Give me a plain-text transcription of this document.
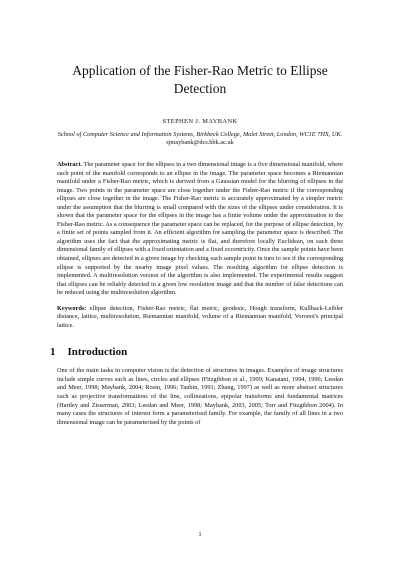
Application of the Fisher-Rao Metric to Ellipse Detection
STEPHEN J. MAYBANK
School of Computer Science and Information Systems, Birkbeck College, Malet Street, London, WC1E 7HX, UK.
sjmaybank@dcs.bbk.ac.uk

Abstract. The parameter space for the ellipses in a two dimensional image is a five dimensional manifold, where each point of the manifold corresponds to an ellipse in the image. The parameter space becomes a Riemannian manifold under a Fisher-Rao metric, which is derived from a Gaussian model for the blurring of ellipses in the image. Two points in the parameter space are close together under the Fisher-Rao metric if the corresponding ellipses are close together in the image. The Fisher-Rao metric is accurately approximated by a simpler metric under the assumption that the blurring is small compared with the sizes of the ellipses under consideration. It is shown that the parameter space for the ellipses in the image has a finite volume under the approximation to the Fisher-Rao metric. As a consequence the parameter space can be replaced, for the purpose of ellipse detection, by a finite set of points sampled from it. An efficient algorithm for sampling the parameter space is described. The algorithm uses the fact that the approximating metric is flat, and therefore locally Euclidean, on each three dimensional family of ellipses with a fixed orientation and a fixed eccentricity. Once the sample points have been obtained, ellipses are detected in a given image by checking each sample point in turn to see if the corresponding ellipse is supported by the nearby image pixel values. The resulting algorithm for ellipse detection is implemented. A multiresolution version of the algorithm is also implemented. The experimental results suggest that ellipses can be reliably detected in a given low resolution image and that the number of false detections can be reduced using the multiresolution algorithm.

Keywords: ellipse detection, Fisher-Rao metric, flat metric, geodesic, Hough transform, Kullback-Leibler distance, lattice, multiresolution, Riemannian manifold, volume of a Riemannian manifold, Voronoi's principal lattice.

1 Introduction

One of the main tasks in computer vision is the detection of structures in images. Examples of image structures include simple curves such as lines, circles and ellipses (Fitzgibbon et al., 1999; Kanatani, 1994, 1996; Leedan and Meer, 1998; Maybank, 2004; Rosin, 1996; Taubin, 1991; Zhang, 1997) as well as more abstract structures such as projective transformations of the line, collineations, epipolar transforms and fundamental matrices (Hartley and Zisserman, 2003; Leedan and Meer, 1998; Maybank, 2003, 2005; Torr and Fitzgibbon 2004). In many cases the structures of interest form a parameterised family. For example, the family of all lines in a two dimensional image can be parameterised by the points of

1
